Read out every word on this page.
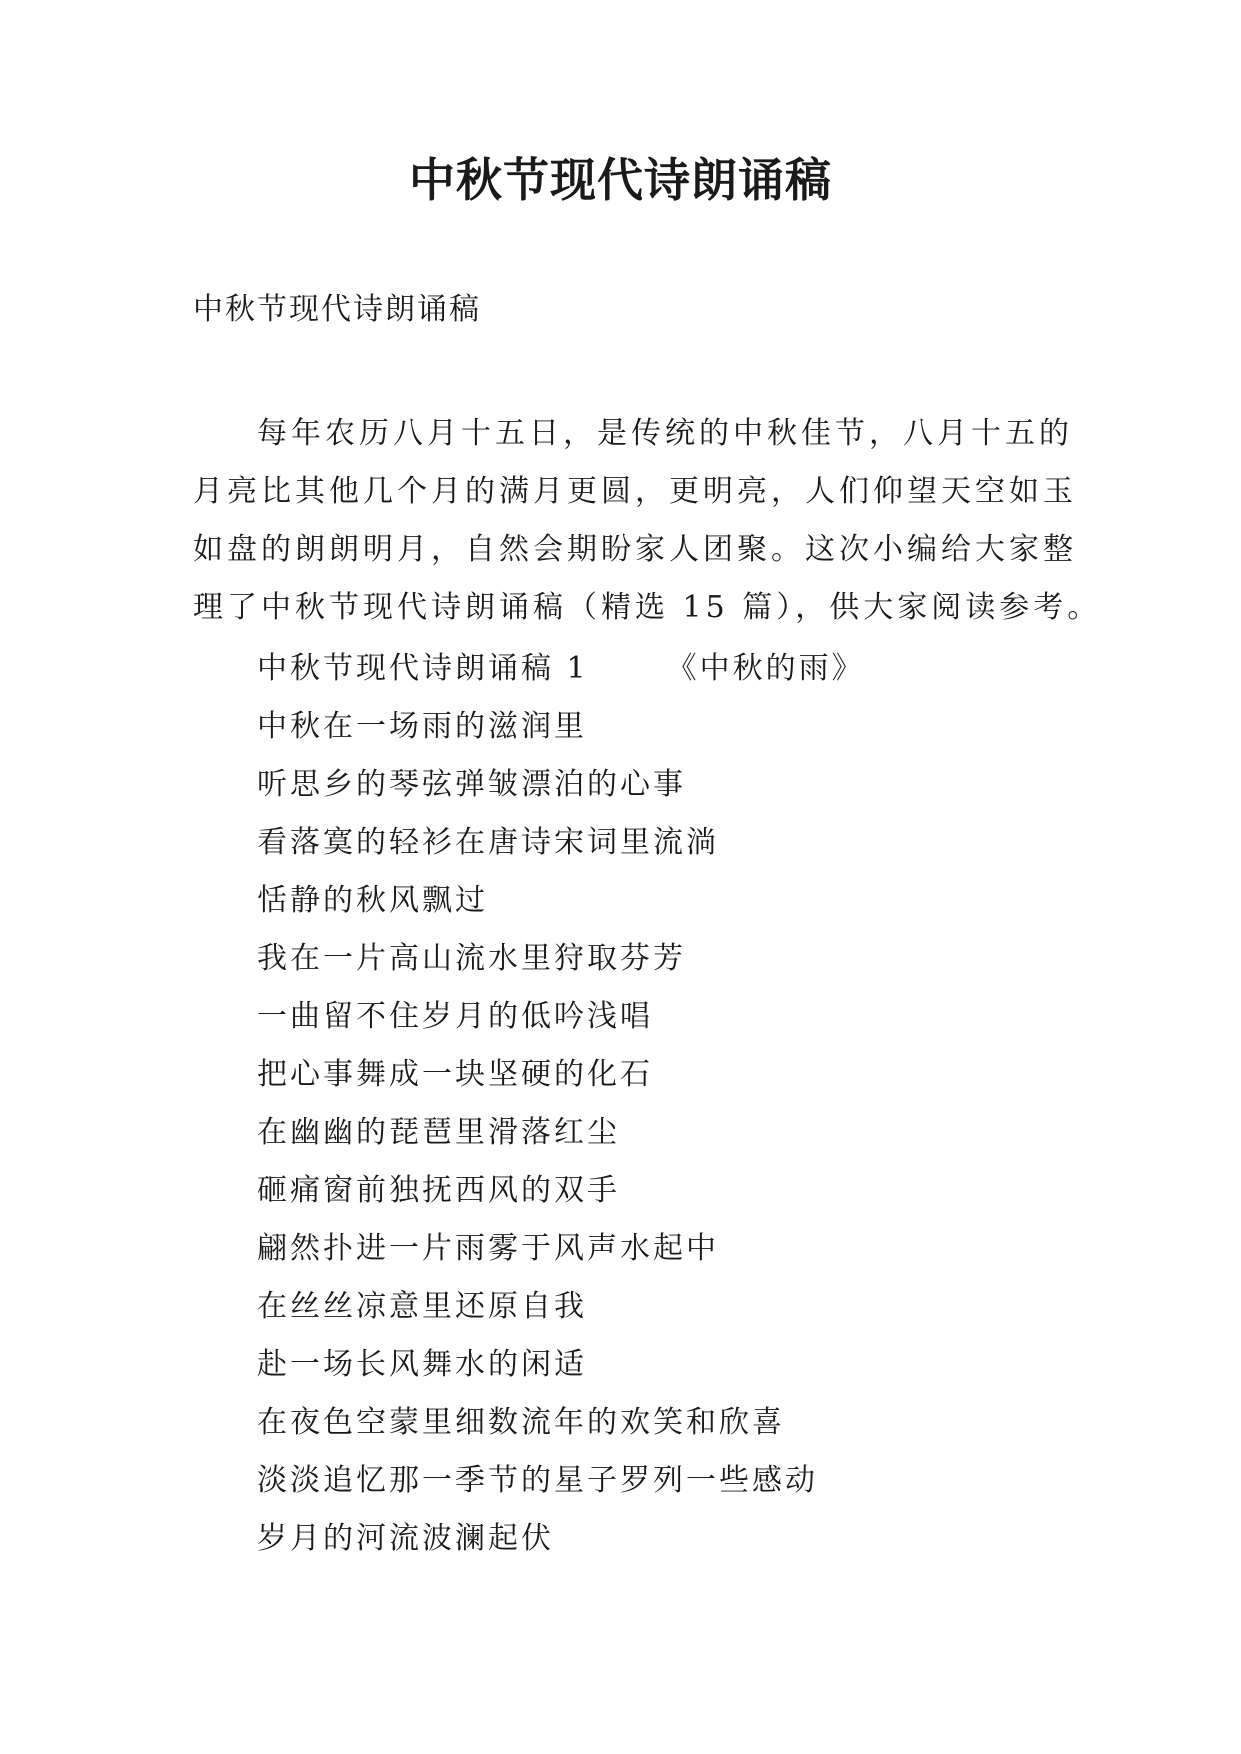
中秋节现代诗朗诵稿

中秋节现代诗朗诵稿

每年农历八月十五日，是传统的中秋佳节，八月十五的
月亮比其他几个月的满月更圆，更明亮，人们仰望天空如玉
如盘的朗朗明月，自然会期盼家人团聚。这次小编给大家整
理了中秋节现代诗朗诵稿（精选 15 篇），供大家阅读参考。

中秋节现代诗朗诵稿 1	《中秋的雨》
中秋在一场雨的滋润里
听思乡的琴弦弹皱漂泊的心事
看落寞的轻衫在唐诗宋词里流淌
恬静的秋风飘过
我在一片高山流水里狩取芬芳
一曲留不住岁月的低吟浅唱
把心事舞成一块坚硬的化石
在幽幽的琵琶里滑落红尘
砸痛窗前独抚西风的双手
翩然扑进一片雨雾于风声水起中
在丝丝凉意里还原自我
赴一场长风舞水的闲适
在夜色空蒙里细数流年的欢笑和欣喜
淡淡追忆那一季节的星子罗列一些感动
岁月的河流波澜起伏
